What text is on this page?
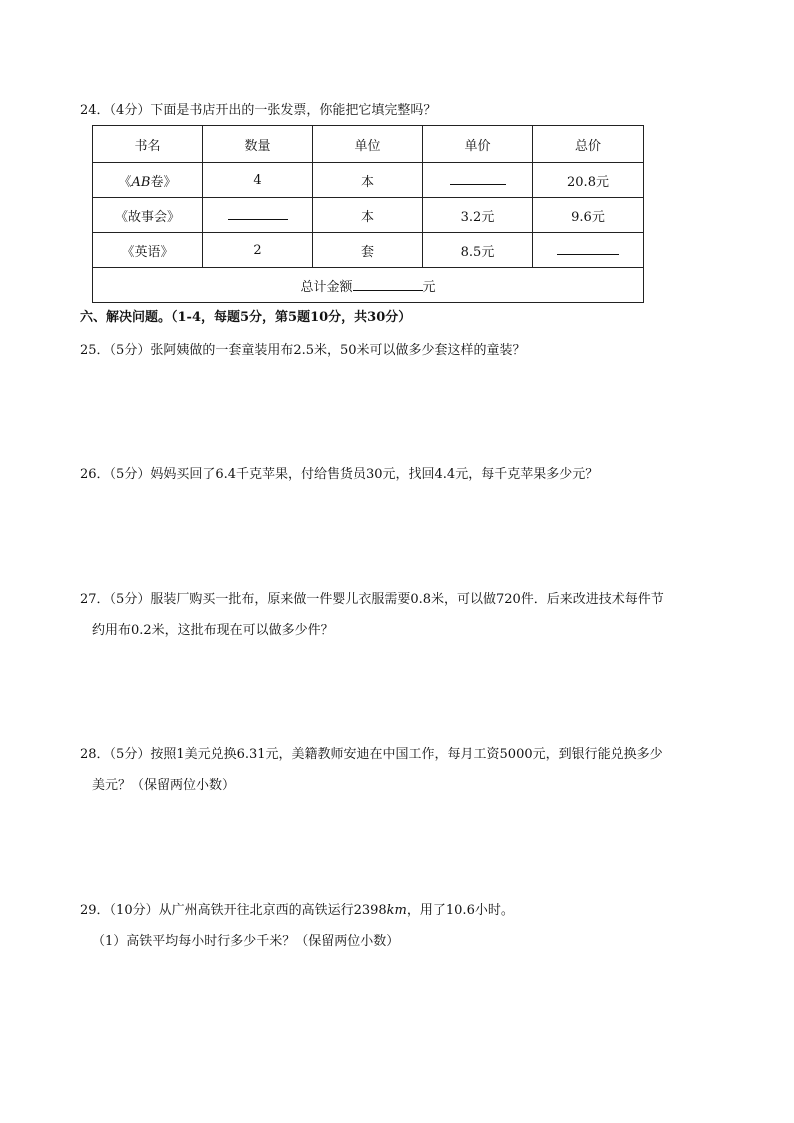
24．（4分）下面是书店开出的一张发票，你能把它填完整吗？
书名	数量	单位	单价	总价
《AB卷》	4	本		20.8元
《故事会》		本	3.2元	9.6元
《英语》	2	套	8.5元	
总计金额 元				
六、解决问题。（1-4，每题5分，第5题10分，共30分）
25．（5分）张阿姨做的一套童装用布2.5米，50米可以做多少套这样的童装？
26．（5分）妈妈买回了6.4千克苹果，付给售货员30元，找回4.4元，每千克苹果多少元？
27．（5分）服装厂购买一批布，原来做一件婴儿衣服需要0.8米，可以做720件．后来改进技术每件节
约用布0.2米，这批布现在可以做多少件？
28．（5分）按照1美元兑换6.31元，美籍教师安迪在中国工作，每月工资5000元，到银行能兑换多少
美元？（保留两位小数）
29．（10分）从广州高铁开往北京西的高铁运行2398km，用了10.6小时。
（1）高铁平均每小时行多少千米？（保留两位小数）
